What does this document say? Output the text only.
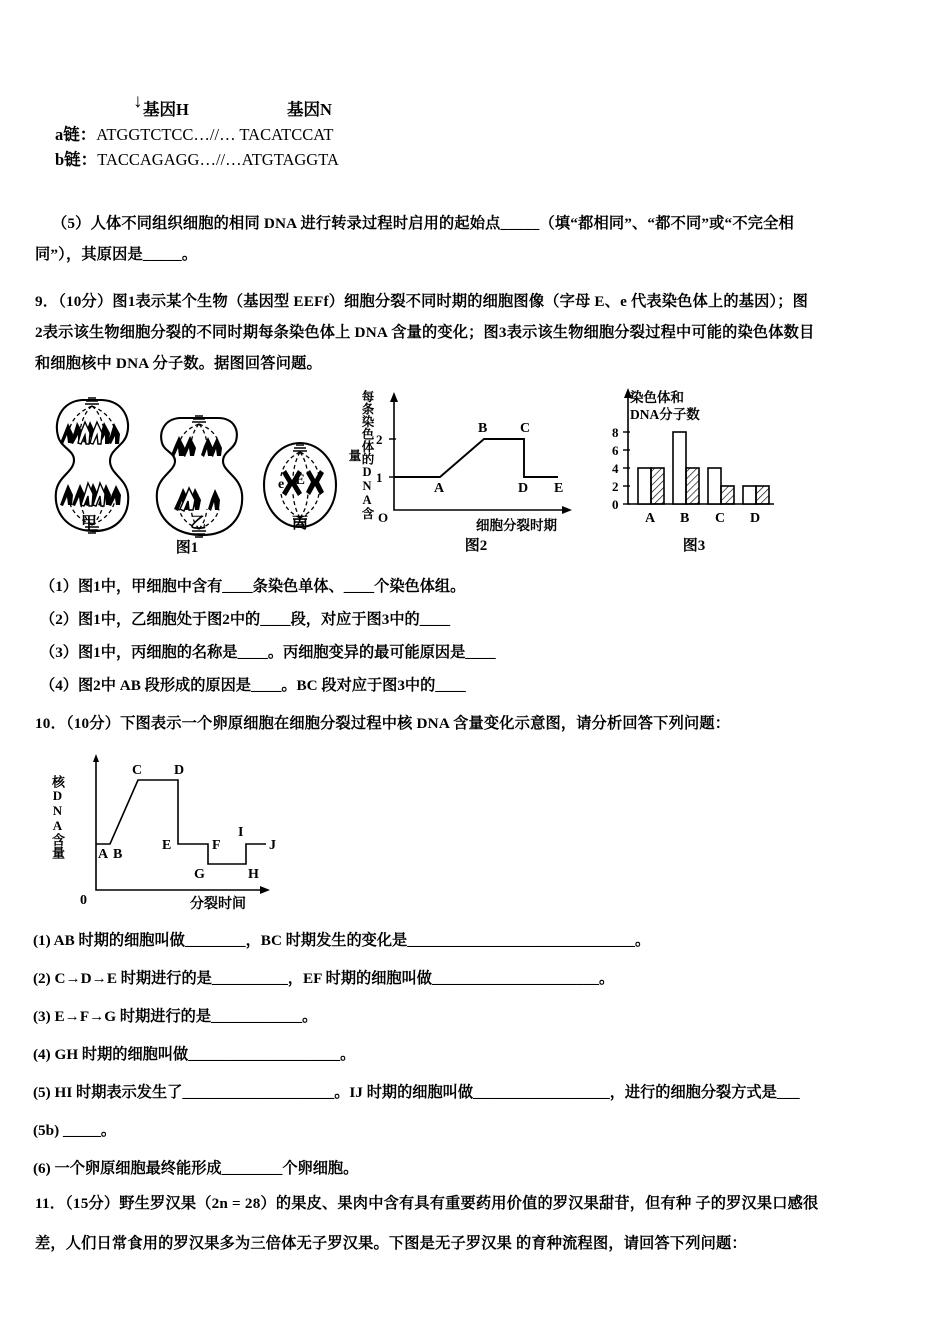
↓ 基因H	基因N
a链：ATGGTCTCC…//… TACATCCAT
b链：TACCAGAGG…//…ATGTAGGTA
（5）人体不同组织细胞的相同 DNA 进行转录过程时启用的起始点_____（填“都相同”、“都不同”或“不完全相
同”），其原因是_____。
9．（10分）图1表示某个生物（基因型 EEFf）细胞分裂不同时期的细胞图像（字母 E、e 代表染色体上的基因）；图
2表示该生物细胞分裂的不同时期每条染色体上 DNA 含量的变化；图3表示该生物细胞分裂过程中可能的染色体数目
和细胞核中 DNA 分子数。据图回答问题。
e E
甲	乙	丙
图1
2
1
O
A
B C
D E
细胞分裂时期
每条染色体的DNA含量
图2
染色体和
DNA分子数
0
2
4
6
8
A B C D
图3
（1）图1中，甲细胞中含有____条染色单体、____个染色体组。
（2）图1中，乙细胞处于图2中的____段，对应于图3中的____
（3）图1中，丙细胞的名称是____。丙细胞变异的最可能原因是____
（4）图2中 AB 段形成的原因是____。BC 段对应于图3中的____
10．（10分）下图表示一个卵原细胞在细胞分裂过程中核 DNA 含量变化示意图，请分析回答下列问题：
A B
C D
E	F
G	H
I
J
0	分裂时间
核DNA含量
(1) AB 时期的细胞叫做________，BC 时期发生的变化是______________________________。
(2) C→D→E 时期进行的是__________，EF 时期的细胞叫做______________________。
(3) E→F→G 时期进行的是____________。
(4) GH 时期的细胞叫做____________________。
(5) HI 时期表示发生了____________________。IJ 时期的细胞叫做__________________，进行的细胞分裂方式是___
(5b) _____。
(6) 一个卵原细胞最终能形成________个卵细胞。
11．（15分）野生罗汉果（2n = 28）的果皮、果肉中含有具有重要药用价值的罗汉果甜苷，但有种 子的罗汉果口感很
差，人们日常食用的罗汉果多为三倍体无子罗汉果。下图是无子罗汉果 的育种流程图，请回答下列问题：
